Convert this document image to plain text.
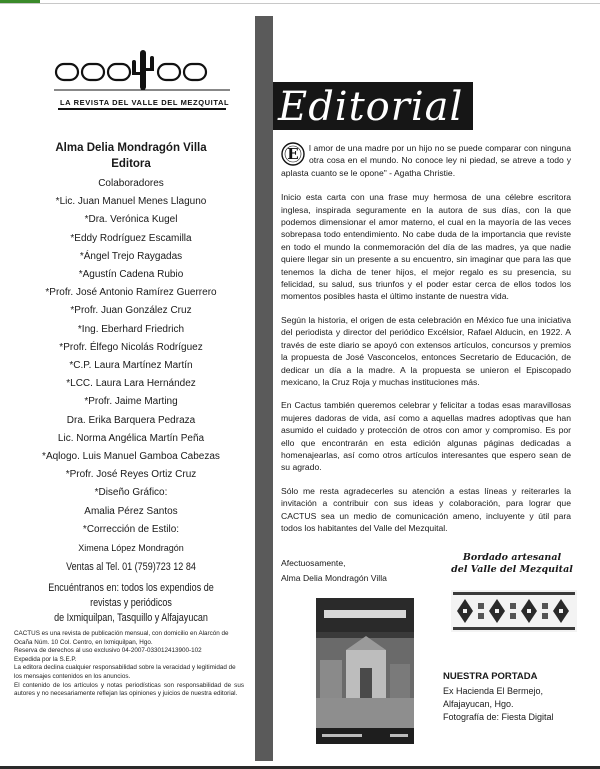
LA REVISTA DEL VALLE DEL MEZQUITAL
Alma Delia Mondragón Villa
Editora
Colaboradores
*Lic. Juan Manuel Menes Llaguno
*Dra. Verónica Kugel
*Eddy Rodríguez Escamilla
*Ángel Trejo Raygadas
*Agustín Cadena Rubio
*Profr. José Antonio Ramírez Guerrero
*Profr. Juan González Cruz
*Ing. Eberhard Friedrich
*Profr. Élfego Nicolás Rodríguez
*C.P. Laura Martínez Martín
*LCC. Laura Lara Hernández
*Profr. Jaime Marting
Dra. Erika Barquera Pedraza
Lic. Norma Angélica Martín Peña
*Aqlogo. Luis Manuel Gamboa Cabezas
*Profr. José Reyes Ortiz Cruz
*Diseño Gráfico:
Amalia Pérez Santos
*Corrección de Estilo:
Ximena López Mondragón
Ventas al Tel. 01 (759)723 12 84
Encuéntranos en: todos los expendios de revistas y periódicos
de Ixmiquilpan, Tasquillo y Alfajayucan

CACTUS es una revista de publicación mensual, con domicilio en Alarcón de Ocaña Núm. 10 Col. Centro, en Ixmiquilpan, Hgo.

Reserva de derechos al uso exclusivo 04-2007-033012413900-102

Expedida por la S.E.P.

La editora declina cualquier responsabilidad sobre la veracidad y legitimidad de los mensajes contenidos en los anuncios.

El contenido de los artículos y notas periodísticas son responsabilidad de sus autores y no necesariamente reflejan las opiniones y juicios de nuestra editorial.

Editorial

E l amor de una madre por un hijo no se puede comparar con ninguna otra cosa en el mundo. No conoce ley ni piedad, se atreve a todo y aplasta cuanto se le opone" - Agatha Christie.

Inicio esta carta con una frase muy hermosa de una célebre escritora inglesa, inspirada seguramente en la autora de sus días, con la que podemos dimensionar el amor materno, el cual en la mayoría de las veces sobrepasa todo entendimiento. No cabe duda de la importancia que reviste en todo el mundo la conmemoración del día de las madres, ya que nadie quiere llegar sin un presente a su encuentro, sin imaginar que para las que tenemos la dicha de tener hijos, el mejor regalo es su presencia, su felicidad, su salud, sus triunfos y el poder estar cerca de ellos todos los momentos posibles hasta el último instante de nuestra vida.

Según la historia, el origen de esta celebración en México fue una iniciativa del periodista y director del periódico Excélsior, Rafael Alducin, en 1922. A través de este diario se apoyó con extensos artículos, concursos y premios la propuesta de José Vasconcelos, entonces Secretario de Educación, de dedicar un día a la madre. A la propuesta se unieron el Episcopado mexicano, la Cruz Roja y muchas instituciones más.

En Cactus también queremos celebrar y felicitar a todas esas maravillosas mujeres dadoras de vida, así como a aquellas madres adoptivas que han asumido el cuidado y protección de otros con amor y compromiso. Es por ello que encontrarán en esta edición algunas páginas dedicadas a homenajearlas, así como otros artículos interesantes que espero sean de su agrado.

Sólo me resta agradecerles su atención a estas líneas y reiterarles la invitación a contribuir con sus ideas y colaboración, para lograr que CACTUS sea un medio de comunicación ameno, incluyente y útil para todos los habitantes del Valle del Mezquital.

Afectuosamente,
Alma Delia Mondragón Villa
Bordado artesanal
del Valle del Mezquital
NUESTRA PORTADA
Ex Hacienda El Bermejo,
Alfajayucan, Hgo.
Fotografía de: Fiesta Digital
